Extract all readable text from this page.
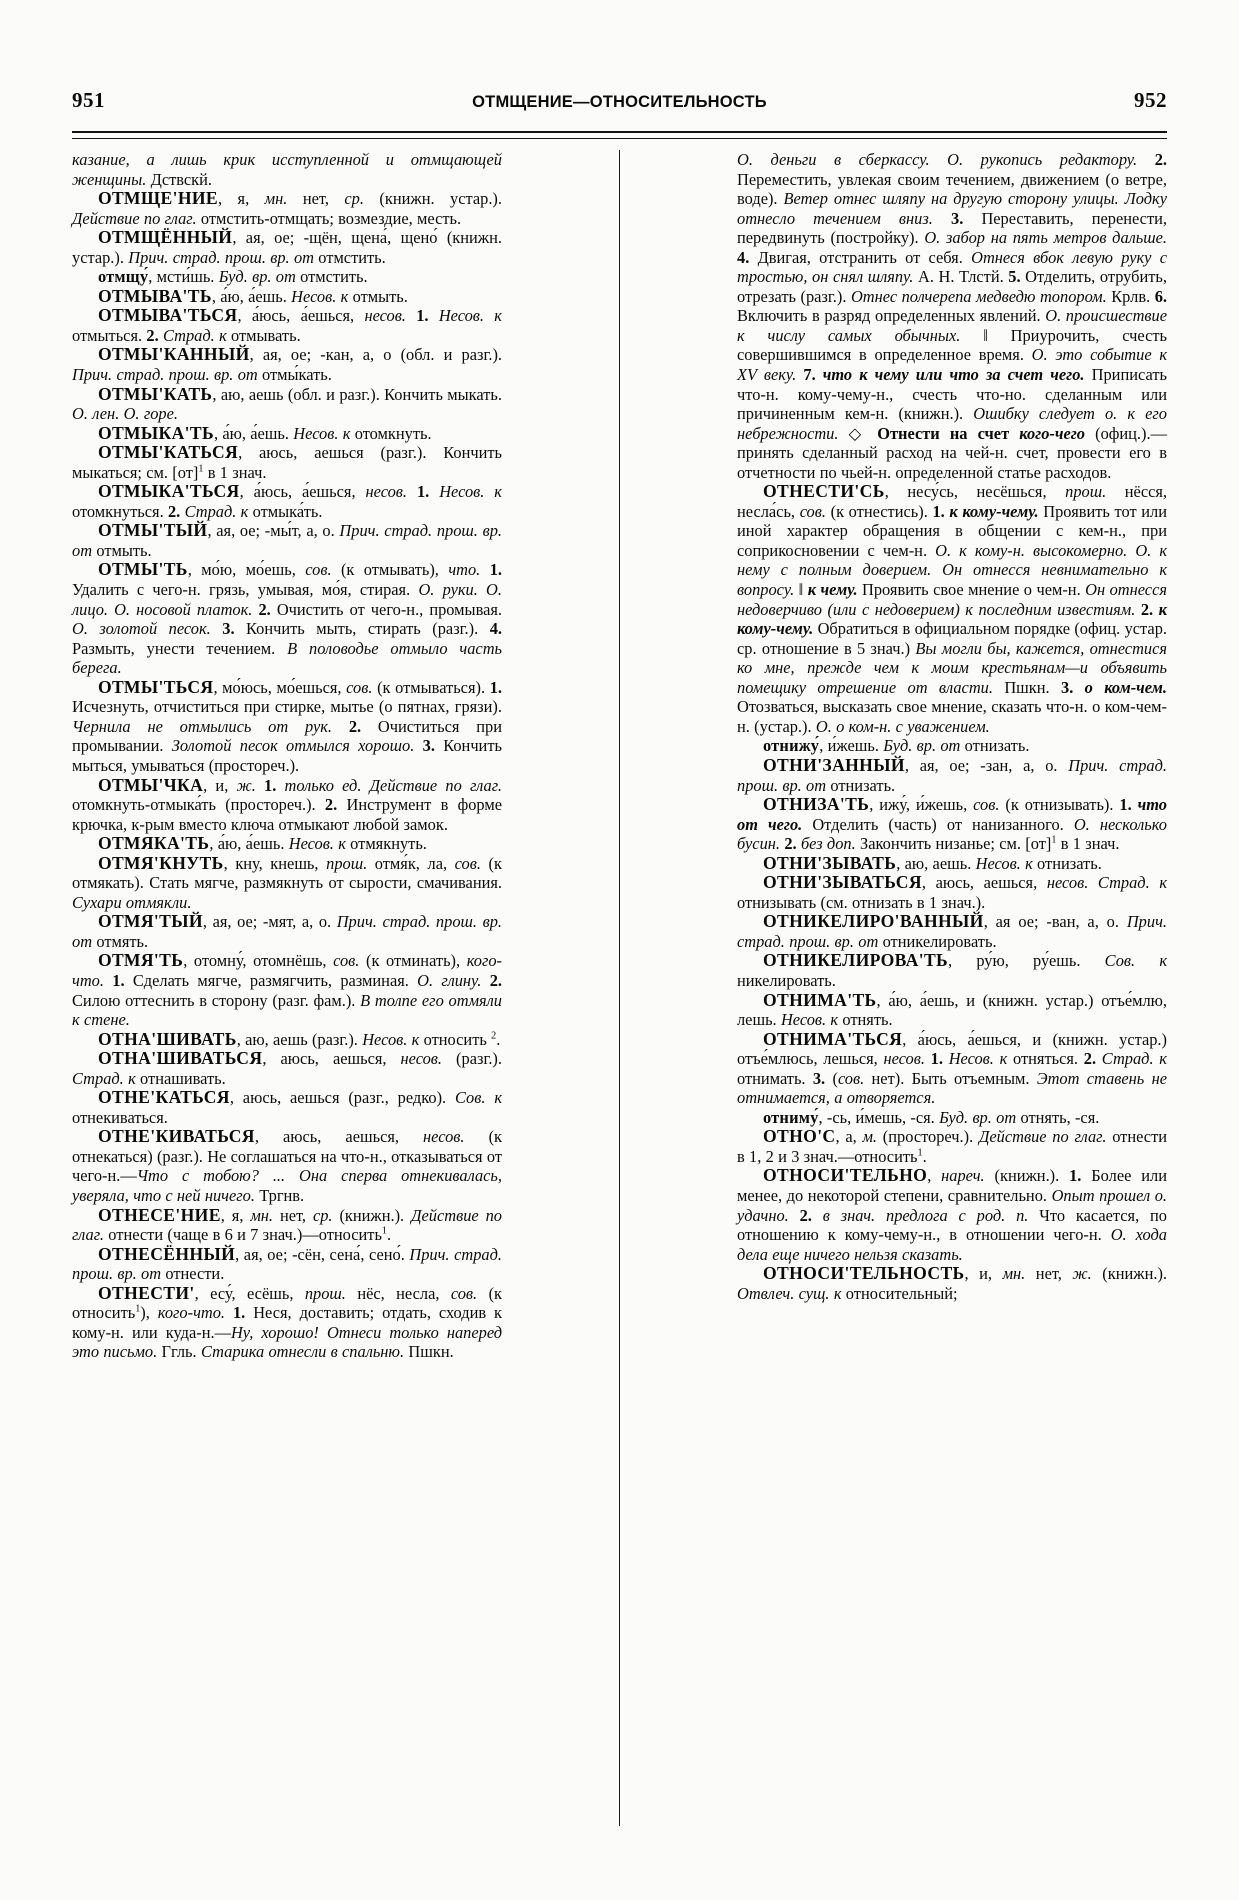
951	ОТМЩЕНИЕ—ОТНОСИТЕЛЬНОСТЬ	952

казание, а лишь крик исступленной и отмщающей женщины. Дствскй.

ОТМЩЕ'НИЕ, я, мн. нет, ср. (книжн. устар.). Действие по глаг. отмстить-отмщать; возмездие, месть.

ОТМЩЁННЫЙ, ая, ое; -щён, щена́, щено́ (книжн. устар.). Прич. страд. прош. вр. от отмстить.

отмщу́, мсти́шь. Буд. вр. от отмстить.

ОТМЫВА'ТЬ, а́ю, а́ешь. Несов. к отмыть.

ОТМЫВА'ТЬСЯ, а́юсь, а́ешься, несов. 1. Несов. к отмыться. 2. Страд. к отмывать.

ОТМЫ'КАННЫЙ, ая, ое; -кан, а, о (обл. и разг.). Прич. страд. прош. вр. от отмы́кать.

ОТМЫ'КАТЬ, аю, аешь (обл. и разг.). Кончить мыкать. О. лен. О. горе.

ОТМЫКА'ТЬ, а́ю, а́ешь. Несов. к отомкнуть.

ОТМЫ'КАТЬСЯ, аюсь, аешься (разг.). Кончить мыкаться; см. [от]$^1$ в 1 знач.

ОТМЫКА'ТЬСЯ, а́юсь, а́ешься, несов. 1. Несов. к отомкнуться. 2. Страд. к отмыка́ть.

ОТМЫ'ТЫЙ, ая, ое; -мы́т, а, о. Прич. страд. прош. вр. от отмыть.

ОТМЫ'ТЬ, мо́ю, мо́ешь, сов. (к отмывать), что. 1. Удалить с чего-н. грязь, умывая, мо́я, стирая. О. руки. О. лицо. О. носовой платок. 2. Очистить от чего-н., промывая. О. золотой песок. 3. Кончить мыть, стирать (разг.). 4. Размыть, унести течением. В половодье отмыло часть берега.

ОТМЫ'ТЬСЯ, мо́юсь, мо́ешься, сов. (к отмываться). 1. Исчезнуть, отчиститься при стирке, мытье (о пятнах, грязи). Чернила не отмылись от рук. 2. Очиститься при промывании. Золотой песок отмылся хорошо. 3. Кончить мыться, умываться (простореч.).

ОТМЫ'ЧКА, и, ж. 1. только ед. Действие по глаг. отомкнуть-отмыка́ть (простореч.). 2. Инструмент в форме крючка, к-рым вместо ключа отмыкают любой замок.

ОТМЯКА'ТЬ, а́ю, а́ешь. Несов. к отмякнуть.

ОТМЯ'КНУТЬ, кну, кнешь, прош. отмя́к, ла, сов. (к отмякать). Стать мягче, размякнуть от сырости, смачивания. Сухари отмякли.

ОТМЯ'ТЫЙ, ая, ое; -мят, а, о. Прич. страд. прош. вр. от отмять.

ОТМЯ'ТЬ, отомну́, отомнёшь, сов. (к отминать), кого-что. 1. Сделать мягче, размягчить, разминая. О. глину. 2. Силою оттеснить в сторону (разг. фам.). В толпе его отмяли к стене.

ОТНА'ШИВАТЬ, аю, аешь (разг.). Несов. к относить $^2$.

ОТНА'ШИВАТЬСЯ, аюсь, аешься, несов. (разг.). Страд. к отнашивать.

ОТНЕ'КАТЬСЯ, аюсь, аешься (разг., редко). Сов. к отнекиваться.

ОТНЕ'КИВАТЬСЯ, аюсь, аешься, несов. (к отнекаться) (разг.). Не соглашаться на что-н., отказываться от чего-н.—Что с тобою? ... Она сперва отнекивалась, уверяла, что с ней ничего. Тргнв.

ОТНЕСЕ'НИЕ, я, мн. нет, ср. (книжн.). Действие по глаг. отнести (чаще в 6 и 7 знач.)—относить$^1$.

ОТНЕСЁННЫЙ, ая, ое; -сён, сена́, сено́. Прич. страд. прош. вр. от отнести.

ОТНЕСТИ', есу́, есёшь, прош. нёс, несла, сов. (к относить$^1$), кого-что. 1. Неся, доставить; отдать, сходив к кому-н. или куда-н.—Ну, хорошо! Отнеси только наперед это письмо. Ггль. Старика отнесли в спальню. Пшкн.

О. деньги в сберкассу. О. рукопись редактору. 2. Переместить, увлекая своим течением, движением (о ветре, воде). Ветер отнес шляпу на другую сторону улицы. Лодку отнесло течением вниз. 3. Переставить, перенести, передвинуть (постройку). О. забор на пять метров дальше. 4. Двигая, отстранить от себя. Отнеся вбок левую руку с тростью, он снял шляпу. А. Н. Тлстй. 5. Отделить, отрубить, отрезать (разг.). Отнес полчерепа медведю топором. Крлв. 6. Включить в разряд определенных явлений. О. происшествие к числу самых обычных. ‖ Приурочить, счесть совершившимся в определенное время. О. это событие к XV веку. 7. что к чему или что за счет чего. Приписать что-н. кому-чему-н., счесть что-но. сделанным или причиненным кем-н. (книжн.). Ошибку следует о. к его небрежности. ◇ Отнести на счет кого-чего (офиц.).—принять сделанный расход на чей-н. счет, провести его в отчетности по чьей-н. определенной статье расходов.

ОТНЕСТИ'СЬ, несу́сь, несёшься, прош. нёсся, несла́сь, сов. (к отнестись). 1. к кому-чему. Проявить тот или иной характер обращения в общении с кем-н., при соприкосновении с чем-н. О. к кому-н. высокомерно. О. к нему с полным доверием. Он отнесся невнимательно к вопросу. ‖ к чему. Проявить свое мнение о чем-н. Он отнесся недоверчиво (или с недоверием) к последним известиям. 2. к кому-чему. Обратиться в официальном порядке (офиц. устар. ср. отношение в 5 знач.) Вы могли бы, кажется, отнестися ко мне, прежде чем к моим крестьянам—и объявить помещику отрешение от власти. Пшкн. 3. о ком-чем. Отозваться, высказать свое мнение, сказать что-н. о ком-чем-н. (устар.). О. о ком-н. с уважением.

отнижу́, и́жешь. Буд. вр. от отнизать.

ОТНИ'ЗАННЫЙ, ая, ое; -зан, а, о. Прич. страд. прош. вр. от отнизать.

ОТНИЗА'ТЬ, ижу́, и́жешь, сов. (к отнизывать). 1. что от чего. Отделить (часть) от нанизанного. О. несколько бусин. 2. без доп. Закончить низанье; см. [от]$^1$ в 1 знач.

ОТНИ'ЗЫВАТЬ, аю, аешь. Несов. к отнизать.

ОТНИ'ЗЫВАТЬСЯ, аюсь, аешься, несов. Страд. к отнизывать (см. отнизать в 1 знач.).

ОТНИКЕЛИРО'ВАННЫЙ, ая ое; -ван, а, о. Прич. страд. прош. вр. от отникелировать.

ОТНИКЕЛИРОВА'ТЬ, ру́ю, ру́ешь. Сов. к никелировать.

ОТНИМА'ТЬ, а́ю, а́ешь, и (книжн. устар.) отъе́млю, лешь. Несов. к отнять.

ОТНИМА'ТЬСЯ, а́юсь, а́ешься, и (книжн. устар.) отъе́млюсь, лешься, несов. 1. Несов. к отняться. 2. Страд. к отнимать. 3. (сов. нет). Быть отъемным. Этот ставень не отнимается, а отворяется.

отниму́, -сь, и́мешь, -ся. Буд. вр. от отнять, -ся.

ОТНО'С, а, м. (простореч.). Действие по глаг. отнести в 1, 2 и 3 знач.—относить$^1$.

ОТНОСИ'ТЕЛЬНО, нареч. (книжн.). 1. Более или менее, до некоторой степени, сравнительно. Опыт прошел о. удачно. 2. в знач. предлога с род. п. Что касается, по отношению к кому-чему-н., в отношении чего-н. О. хода дела еще ничего нельзя сказать.

ОТНОСИ'ТЕЛЬНОСТЬ, и, мн. нет, ж. (книжн.). Отвлеч. сущ. к относительный;
